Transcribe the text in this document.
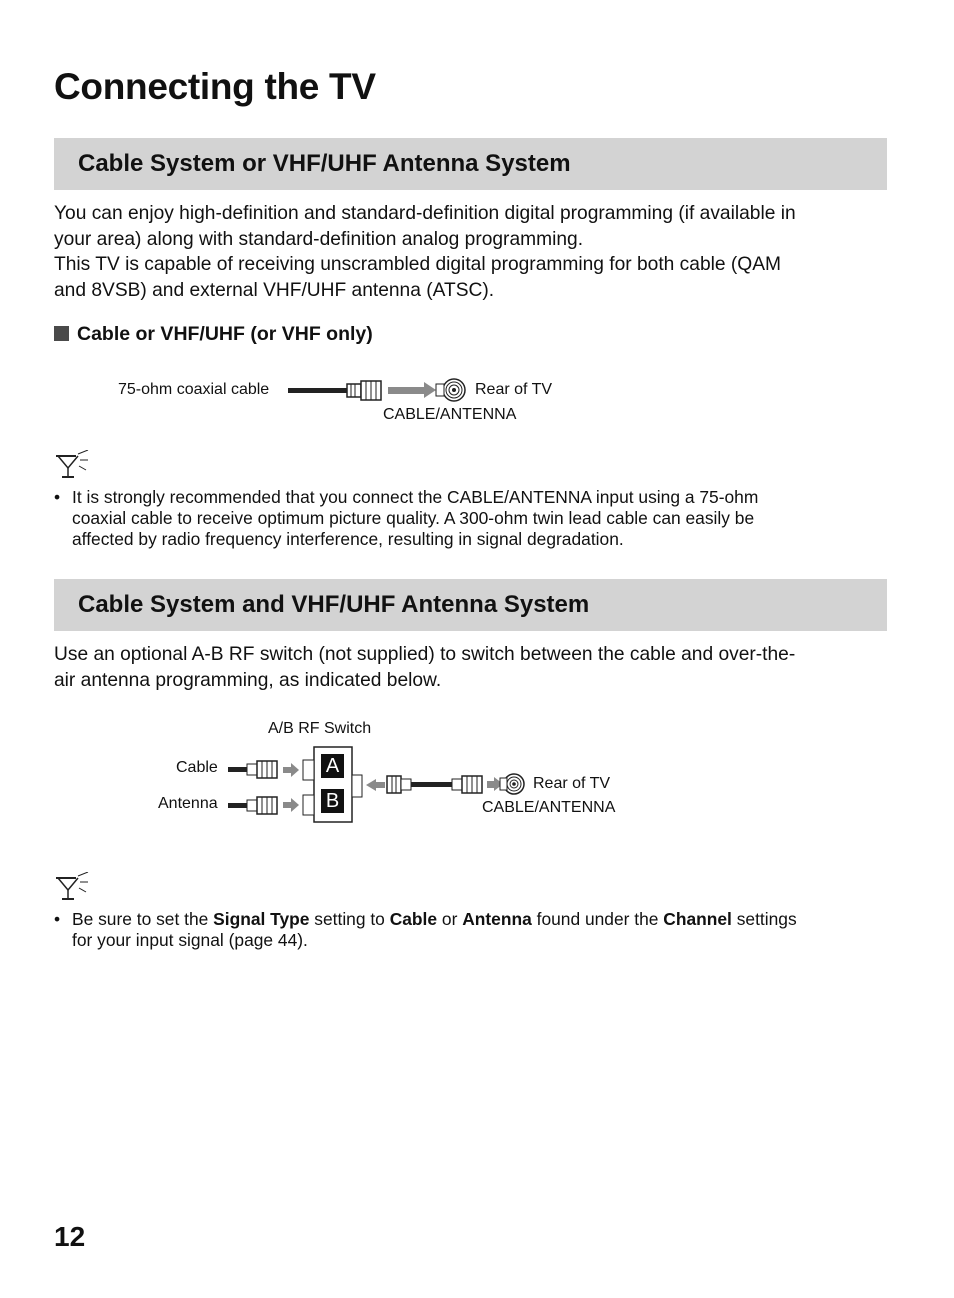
Connecting the TV
Cable System or VHF/UHF Antenna System

You can enjoy high-definition and standard-definition digital programming (if available in
your area) along with standard-definition analog programming.
This TV is capable of receiving unscrambled digital programming for both cable (QAM
and 8VSB) and external VHF/UHF antenna (ATSC).

Cable or VHF/UHF (or VHF only)
75-ohm coaxial cable	Rear of TV
CABLE/ANTENNA
• It is strongly recommended that you connect the CABLE/ANTENNA input using a 75-ohm
coaxial cable to receive optimum picture quality. A 300-ohm twin lead cable can easily be
affected by radio frequency interference, resulting in signal degradation.
Cable System and VHF/UHF Antenna System

Use an optional A-B RF switch (not supplied) to switch between the cable and over-the-
air antenna programming, as indicated below.

A/B RF Switch
Cable
Antenna
Rear of TV
CABLE/ANTENNA
A
B
• Be sure to set the Signal Type setting to Cable or Antenna found under the Channel settings
for your input signal (page 44).
12
